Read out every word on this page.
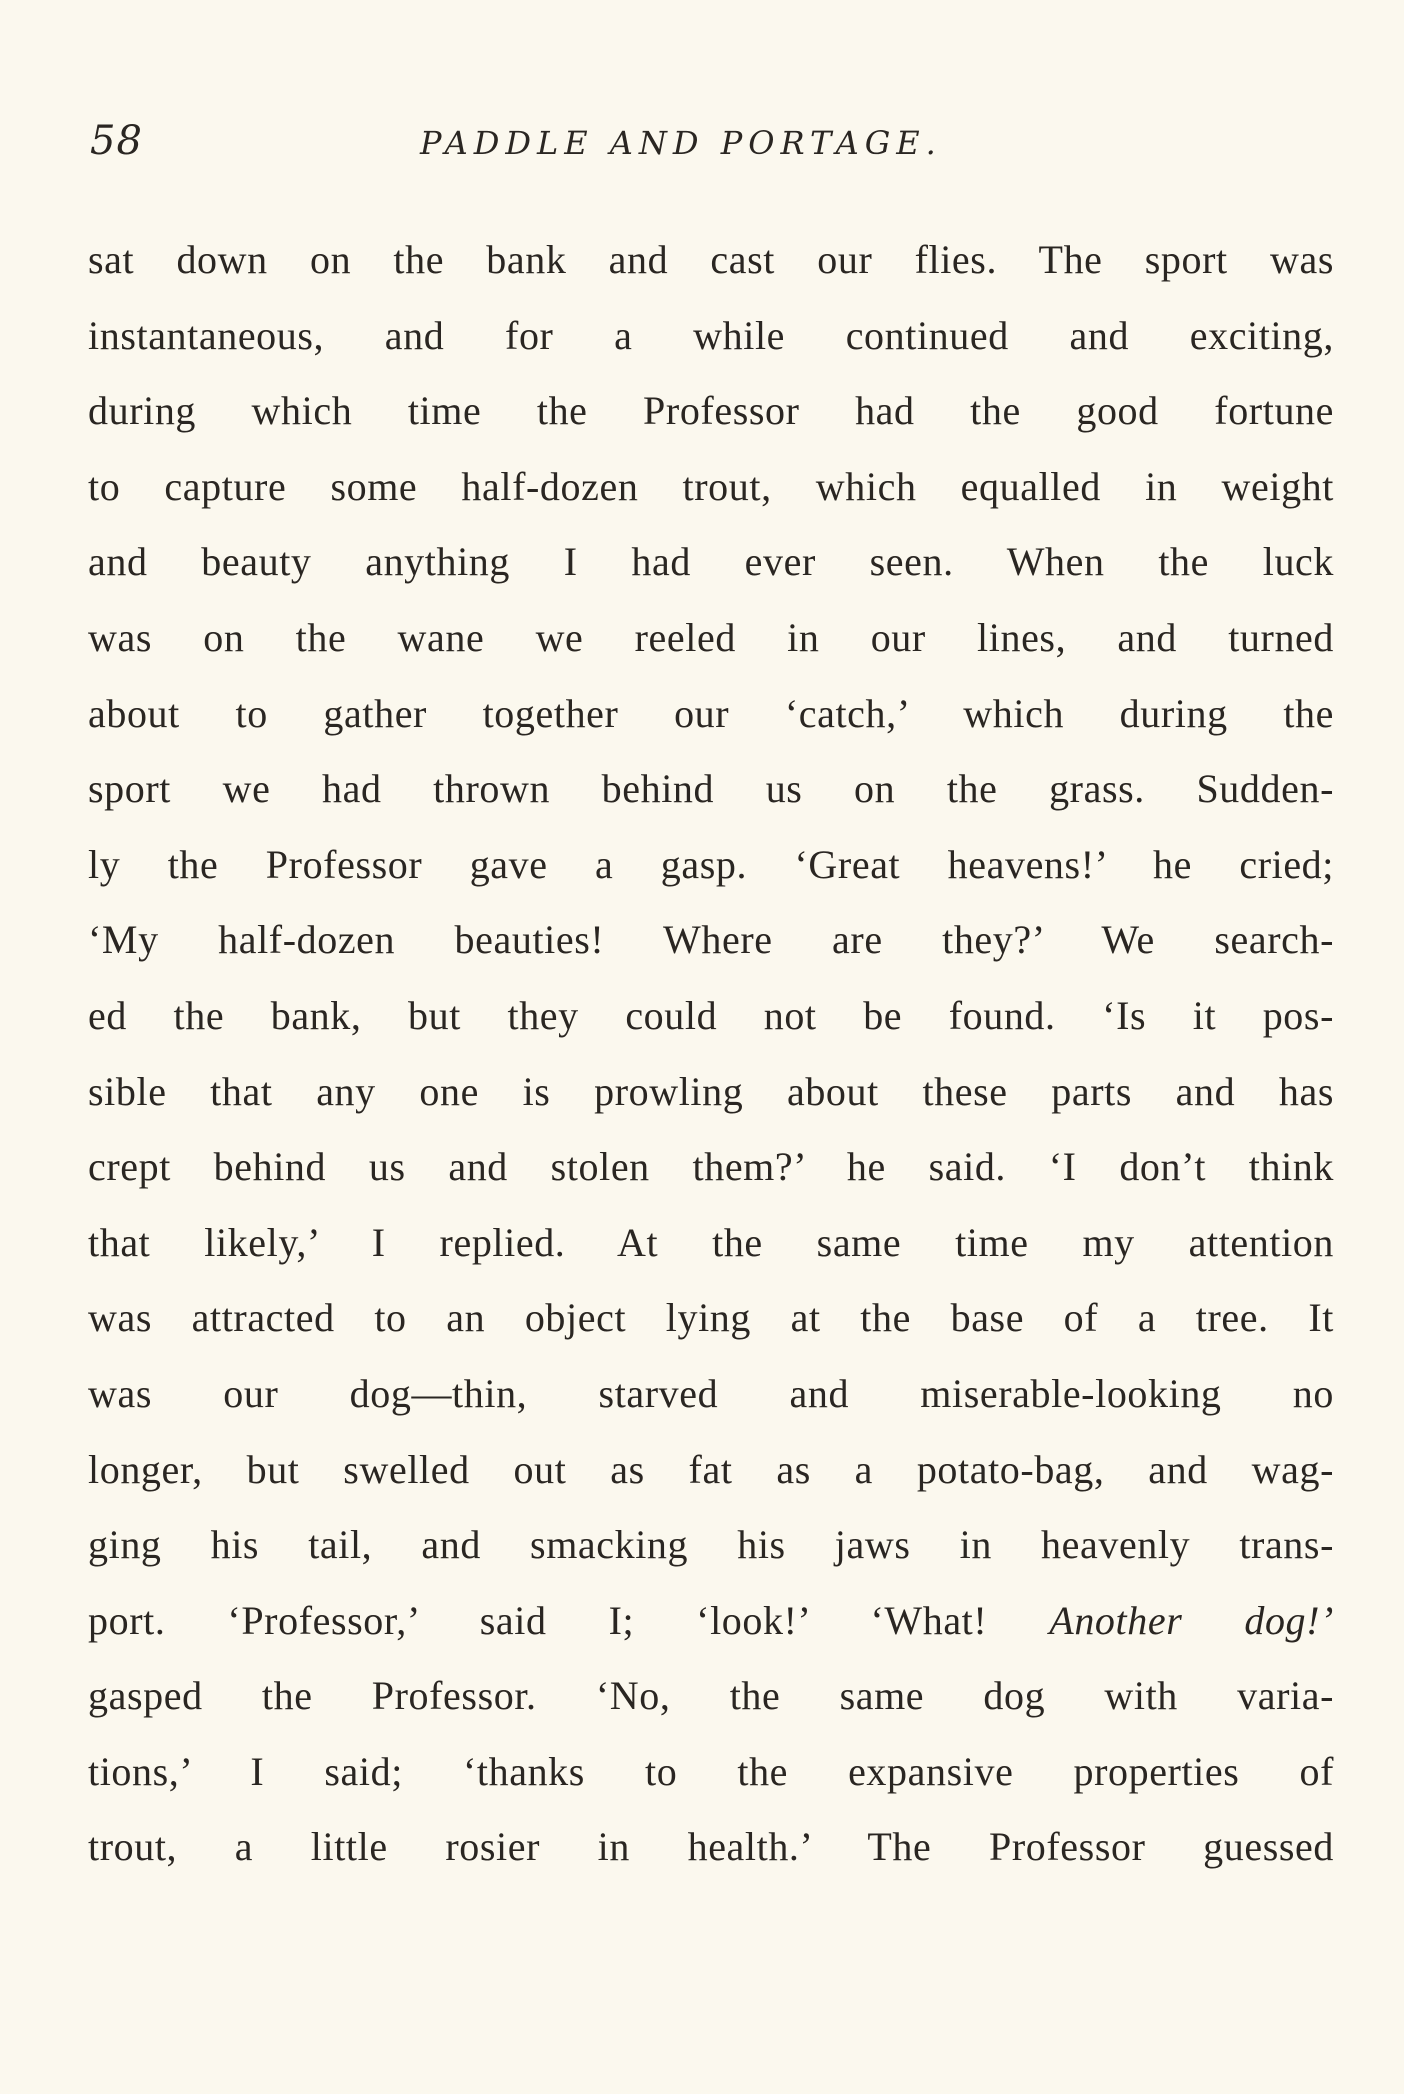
58	PADDLE AND PORTAGE.
sat down on the bank and cast our flies. The sport was
instantaneous, and for a while continued and exciting,
during which time the Professor had the good fortune
to capture some half-dozen trout, which equalled in weight
and beauty anything I had ever seen. When the luck
was on the wane we reeled in our lines, and turned
about to gather together our ‘catch,’ which during the
sport we had thrown behind us on the grass. Sudden-
ly the Professor gave a gasp. ‘Great heavens!’ he cried;
‘My half-dozen beauties! Where are they?’ We search-
ed the bank, but they could not be found. ‘Is it pos-
sible that any one is prowling about these parts and has
crept behind us and stolen them?’ he said. ‘I don’t think
that likely,’ I replied. At the same time my attention
was attracted to an object lying at the base of a tree. It
was our dog—thin, starved and miserable-looking no
longer, but swelled out as fat as a potato-bag, and wag-
ging his tail, and smacking his jaws in heavenly trans-
port. ‘Professor,’ said I; ‘look!’ ‘What! Another dog!’
gasped the Professor. ‘No, the same dog with varia-
tions,’ I said; ‘thanks to the expansive properties of
trout, a little rosier in health.’ The Professor guessed
